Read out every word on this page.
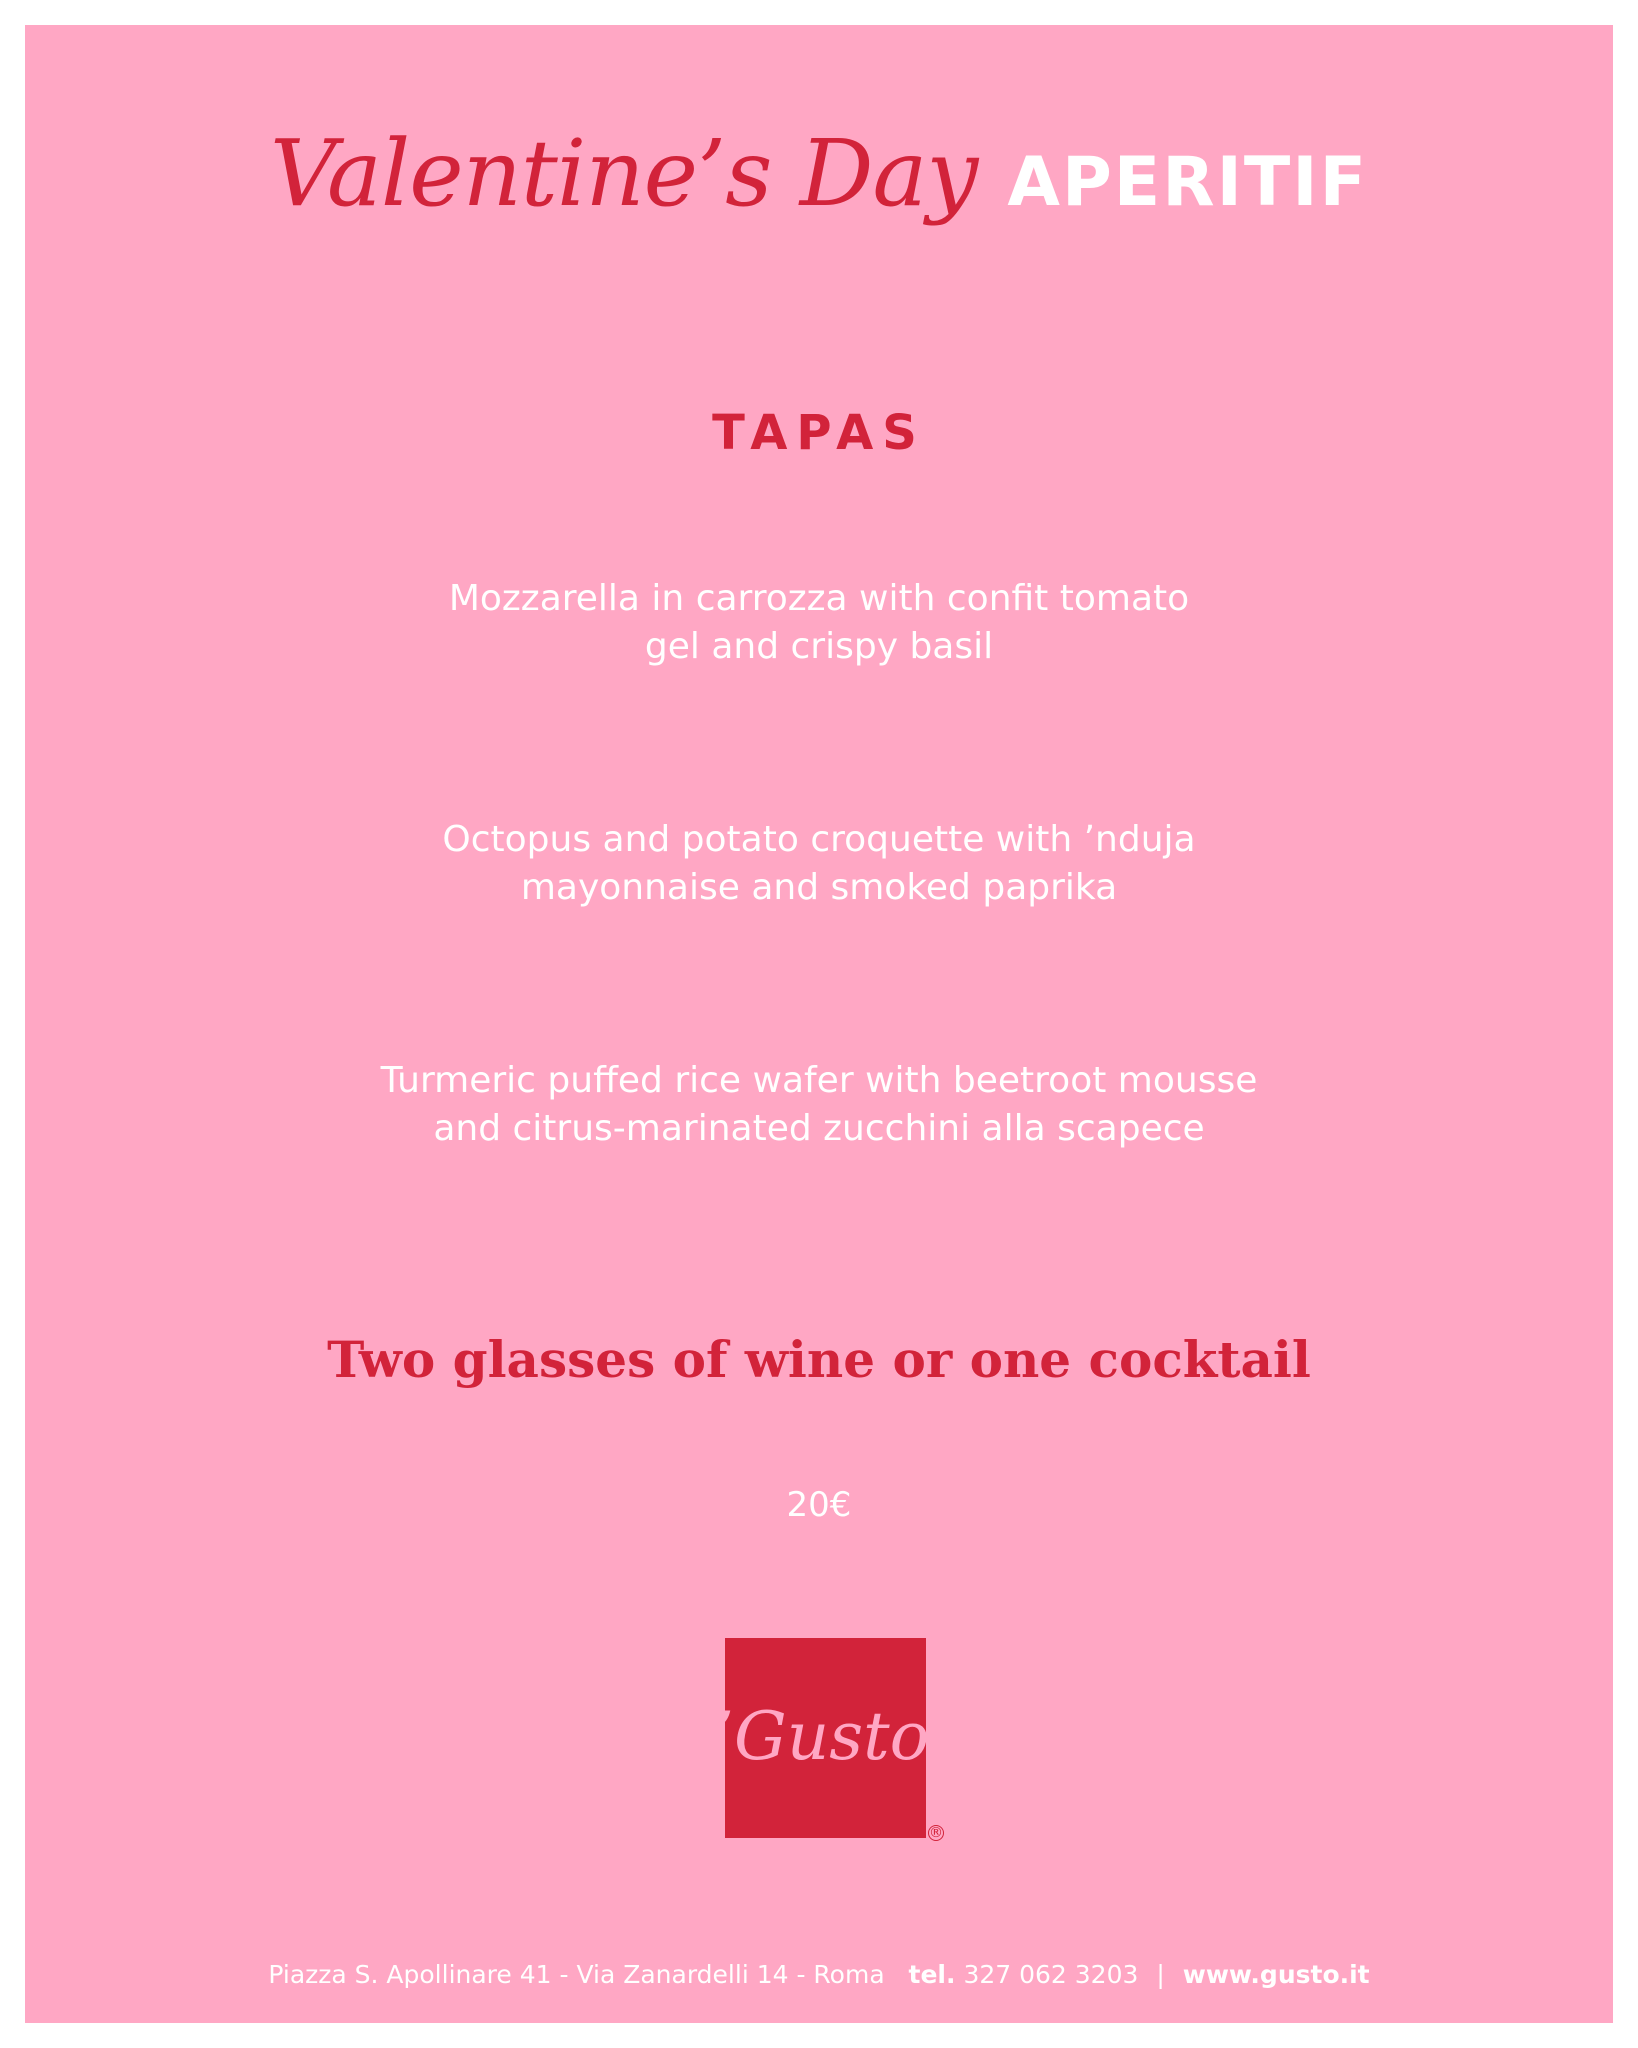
Valentine’s Day APERITIF
TAPAS
Mozzarella in carrozza with confit tomato
gel and crispy basil
Octopus and potato croquette with ’nduja
mayonnaise and smoked paprika
Turmeric puffed rice wafer with beetroot mousse
and citrus-marinated zucchini alla scapece
Two glasses of wine or one cocktail
20€
’Gusto
®
Piazza S. Apollinare 41 - Via Zanardelli 14 - Roma tel. 327 062 3203 | www.gusto.it
